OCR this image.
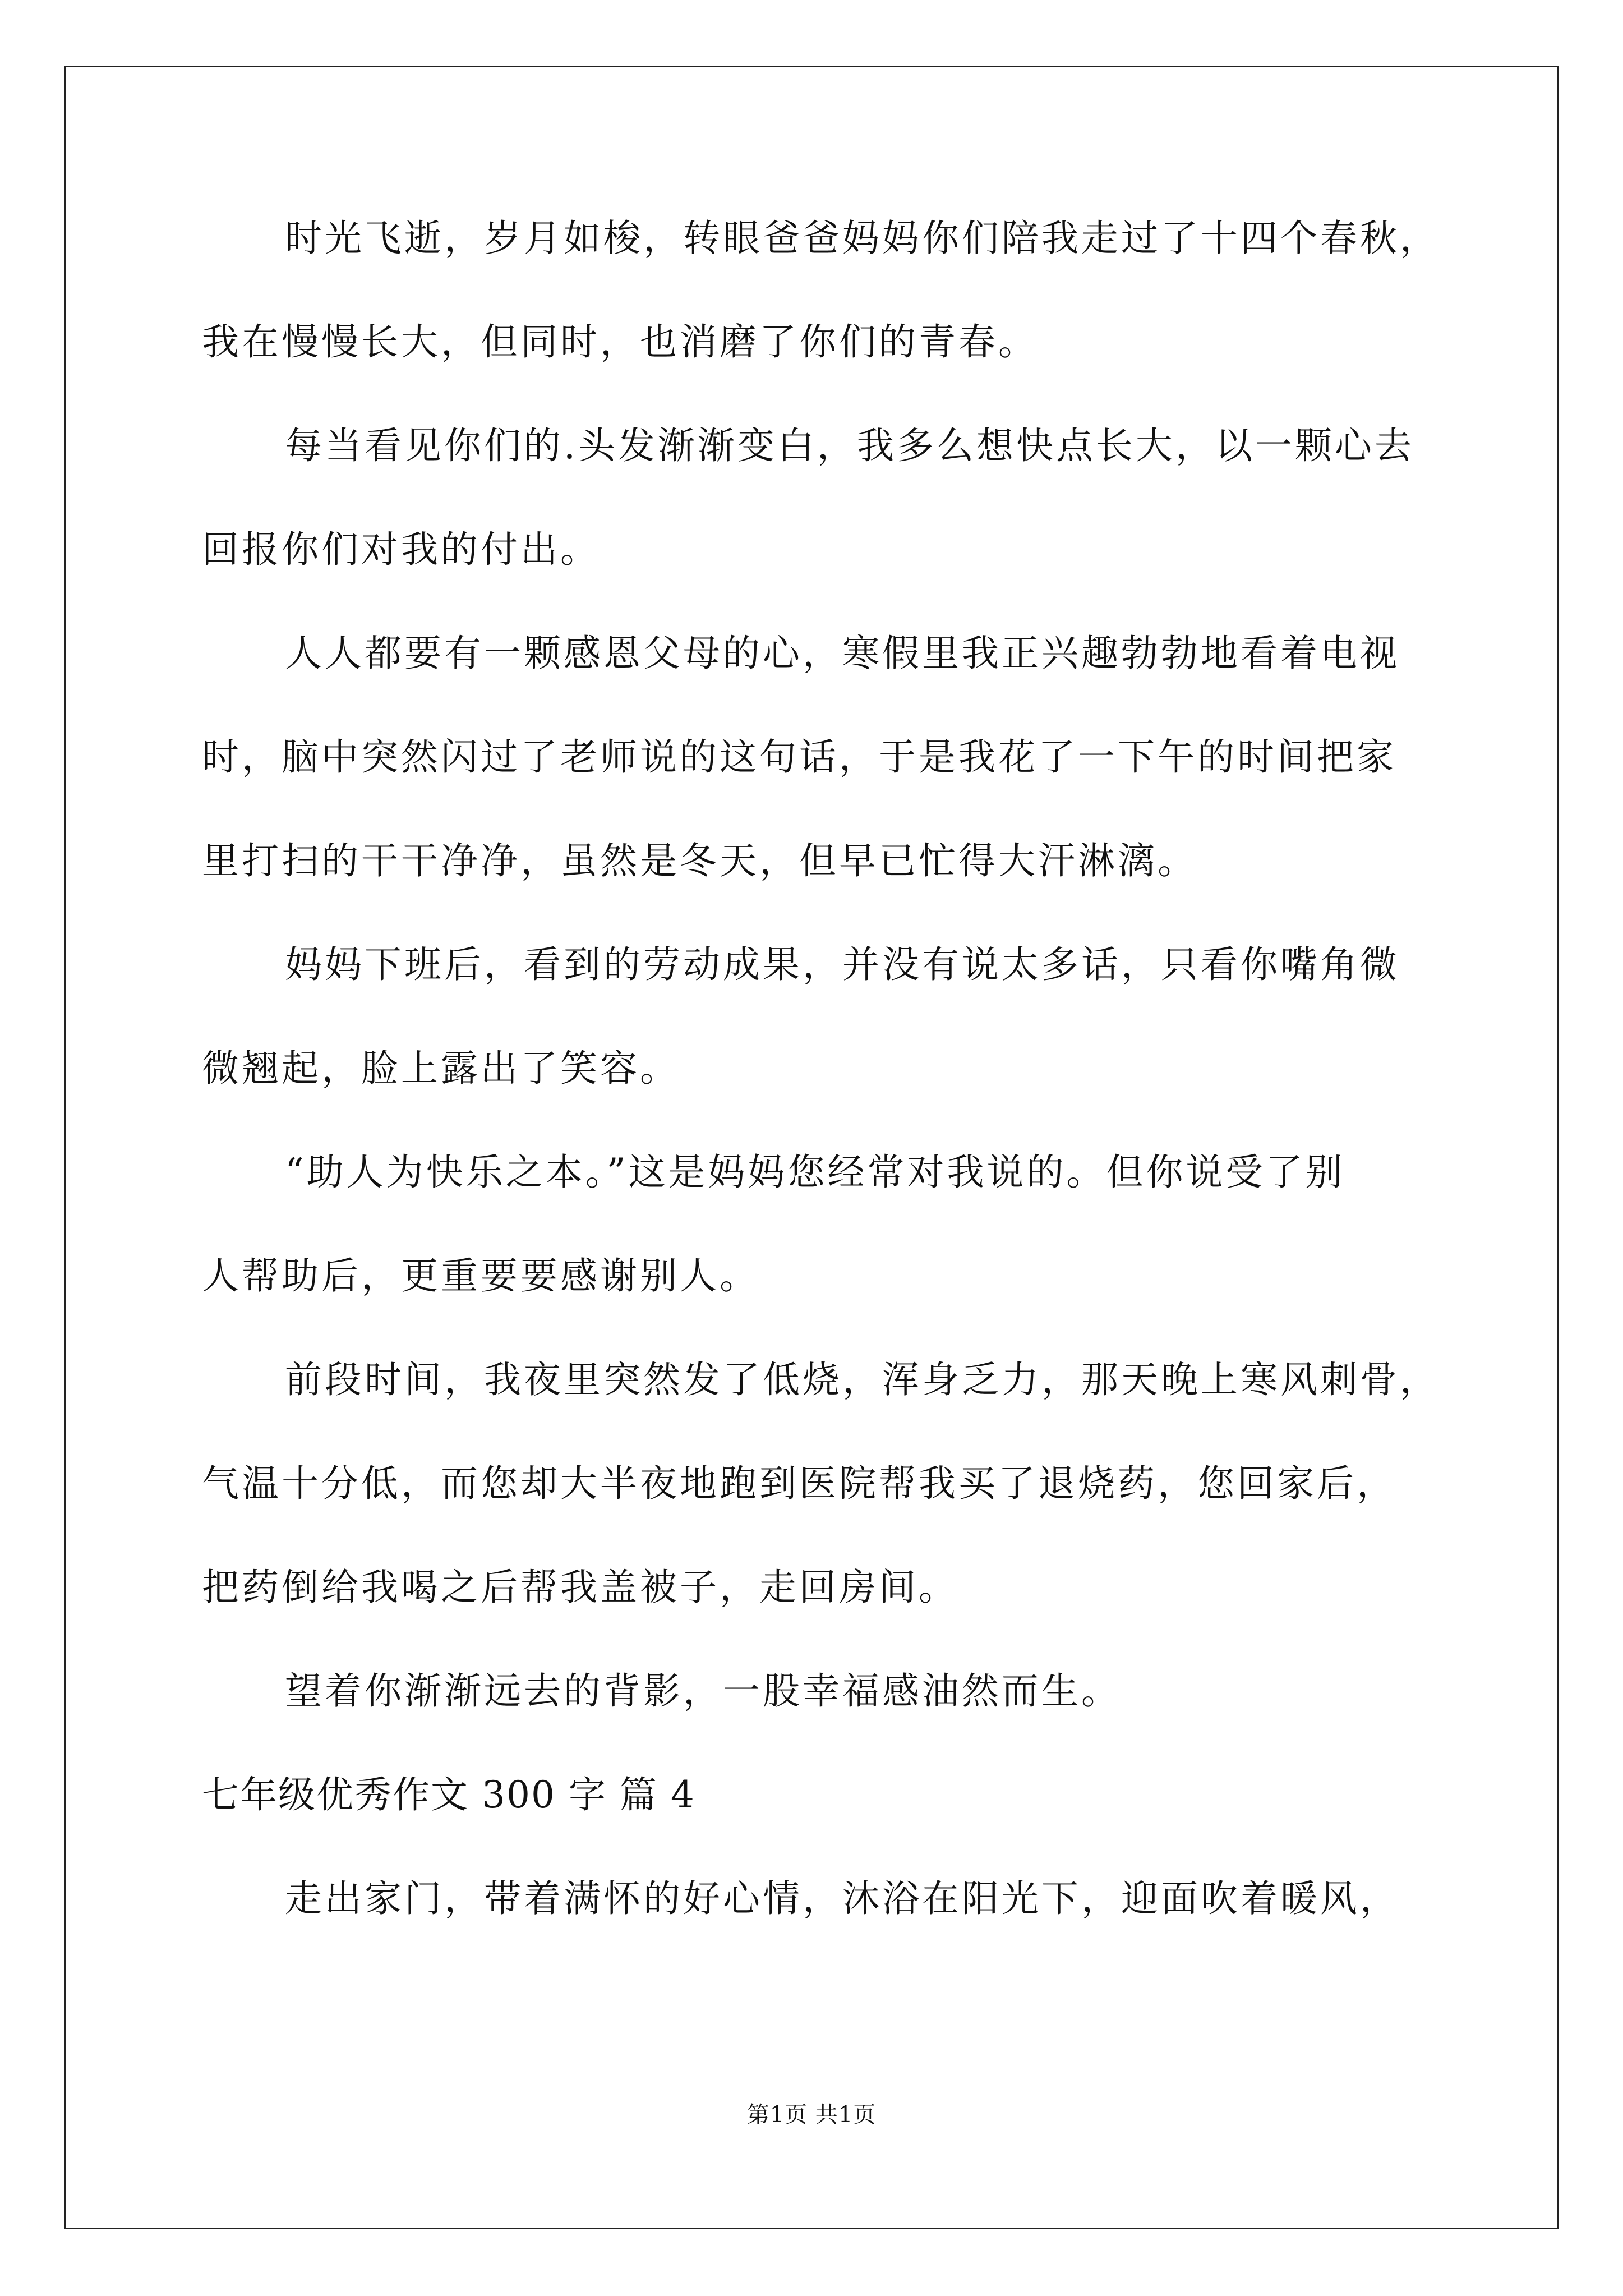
时光飞逝，岁月如梭，转眼爸爸妈妈你们陪我走过了十四个春秋，
我在慢慢长大，但同时，也消磨了你们的青春。
每当看见你们的.头发渐渐变白，我多么想快点长大，以一颗心去
回报你们对我的付出。
人人都要有一颗感恩父母的心，寒假里我正兴趣勃勃地看着电视
时，脑中突然闪过了老师说的这句话，于是我花了一下午的时间把家
里打扫的干干净净，虽然是冬天，但早已忙得大汗淋漓。
妈妈下班后，看到的劳动成果，并没有说太多话，只看你嘴角微
微翘起，脸上露出了笑容。
“助人为快乐之本。”这是妈妈您经常对我说的。但你说受了别
人帮助后，更重要要感谢别人。
前段时间，我夜里突然发了低烧，浑身乏力，那天晚上寒风刺骨，
气温十分低，而您却大半夜地跑到医院帮我买了退烧药，您回家后，
把药倒给我喝之后帮我盖被子，走回房间。
望着你渐渐远去的背影，一股幸福感油然而生。
七年级优秀作文 300 字 篇 4
走出家门，带着满怀的好心情，沐浴在阳光下，迎面吹着暖风，
第1页 共1页
